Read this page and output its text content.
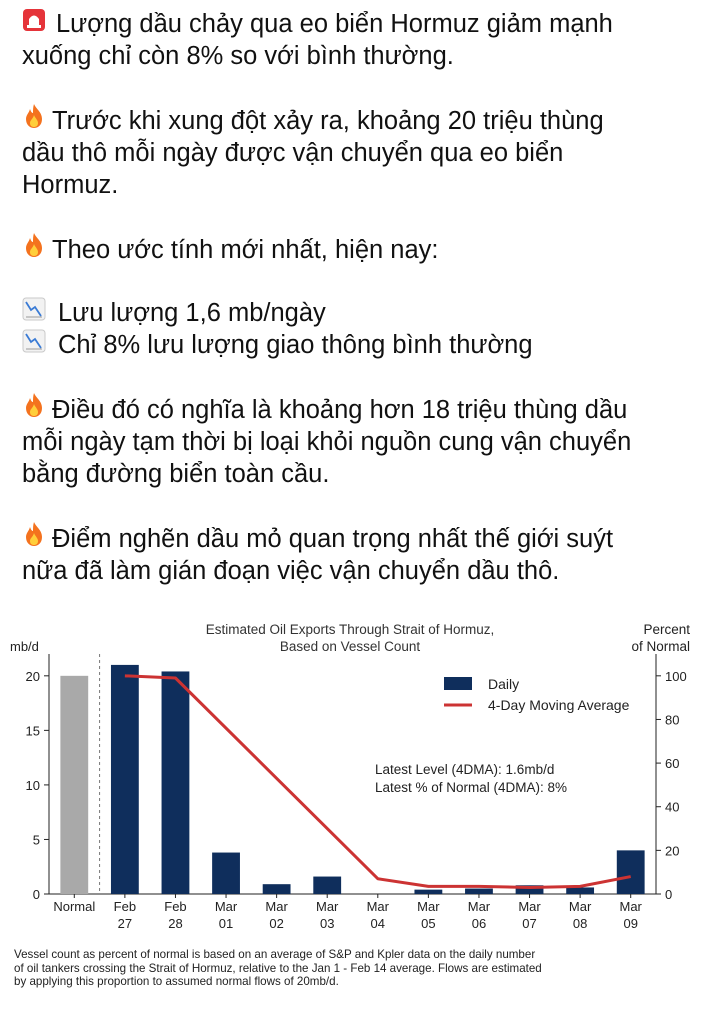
Lượng dầu chảy qua eo biển Hormuz giảm mạnh
xuống chỉ còn 8% so với bình thường.
Trước khi xung đột xảy ra, khoảng 20 triệu thùng
dầu thô mỗi ngày được vận chuyển qua eo biển
Hormuz.
Theo ước tính mới nhất, hiện nay:
Lưu lượng 1,6 mb/ngày
Chỉ 8% lưu lượng giao thông bình thường
Điều đó có nghĩa là khoảng hơn 18 triệu thùng dầu
mỗi ngày tạm thời bị loại khỏi nguồn cung vận chuyển
bằng đường biển toàn cầu.
Điểm nghẽn dầu mỏ quan trọng nhất thế giới suýt
nữa đã làm gián đoạn việc vận chuyển dầu thô.
Estimated Oil Exports Through Strait of Hormuz,
Based on Vessel Count
mb/d
Percent
of Normal
0
5
10
15
20
0
20
40
60
80
100
Normal Feb
27
Feb
28
Mar
01
Mar
02
Mar
03
Mar
04
Mar
05
Mar
06
Mar
07
Mar
08
Mar
09
Daily
4-Day Moving Average
Latest Level (4DMA): 1.6mb/d
Latest % of Normal (4DMA): 8%
Vessel count as percent of normal is based on an average of S&P and Kpler data on the daily number
of oil tankers crossing the Strait of Hormuz, relative to the Jan 1 - Feb 14 average. Flows are estimated
by applying this proportion to assumed normal flows of 20mb/d.
